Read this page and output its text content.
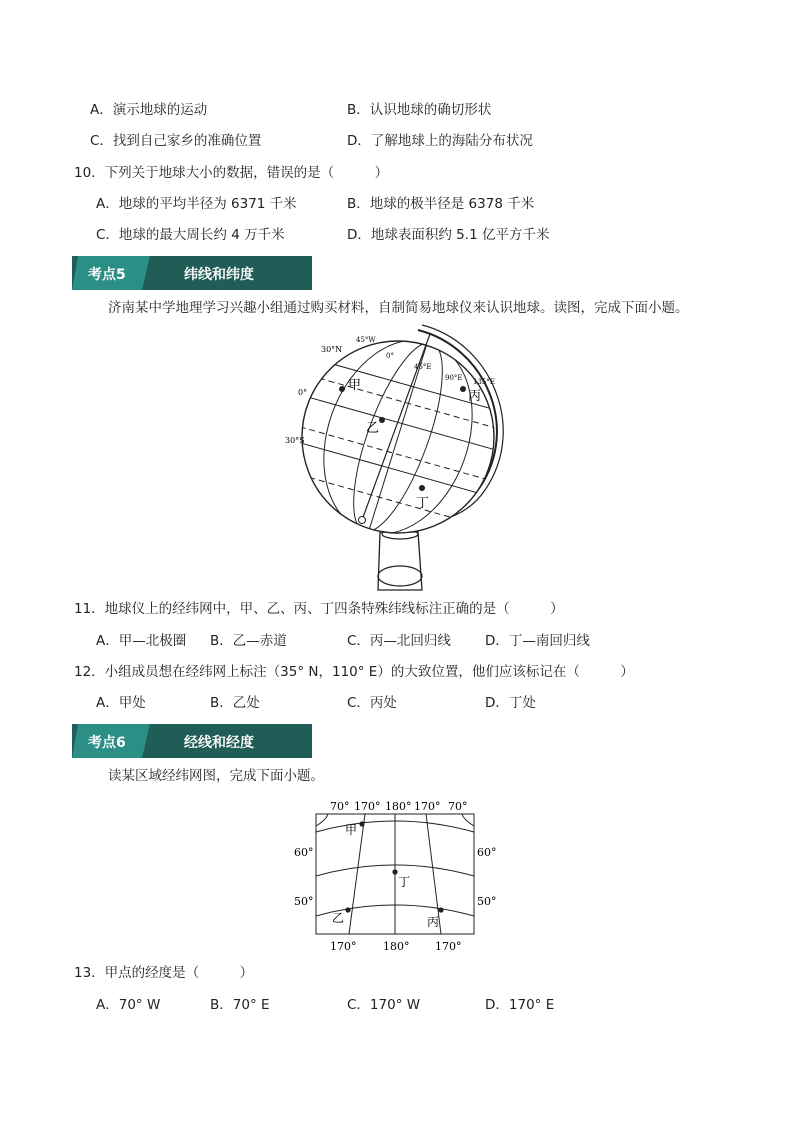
A．演示地球的运动	B．认识地球的确切形状
C．找到自己家乡的准确位置	D．了解地球上的海陆分布状况
10．下列关于地球大小的数据，错误的是（　　　）
A．地球的平均半径为 6371 千米	B．地球的极半径是 6378 千米
C．地球的最大周长约 4 万千米	D．地球表面积约 5.1 亿平方千米
考点5	纬线和纬度
济南某中学地理学习兴趣小组通过购买材料，自制简易地球仪来认识地球。读图，完成下面小题。
30°N
0°
30°S
45°W
0°
45°E
90°E 135°E
甲
乙
丙
丁
11．地球仪上的经纬网中，甲、乙、丙、丁四条特殊纬线标注正确的是（　　　）
A．甲—北极圈 B．乙—赤道	C．丙—北回归线	D．丁—南回归线
12．小组成员想在经纬网上标注（35° N，110° E）的大致位置，他们应该标记在（　　　）
A．甲处	B．乙处	C．丙处	D．丁处
考点6	经线和经度
读某区域经纬网图，完成下面小题。
70° 170° 180° 170° 70°
170° 180° 170°
60°
50°
60°
50°
甲
丁
乙	丙
13．甲点的经度是（　　　）
A．70° W	B．70° E	C．170° W	D．170° E
